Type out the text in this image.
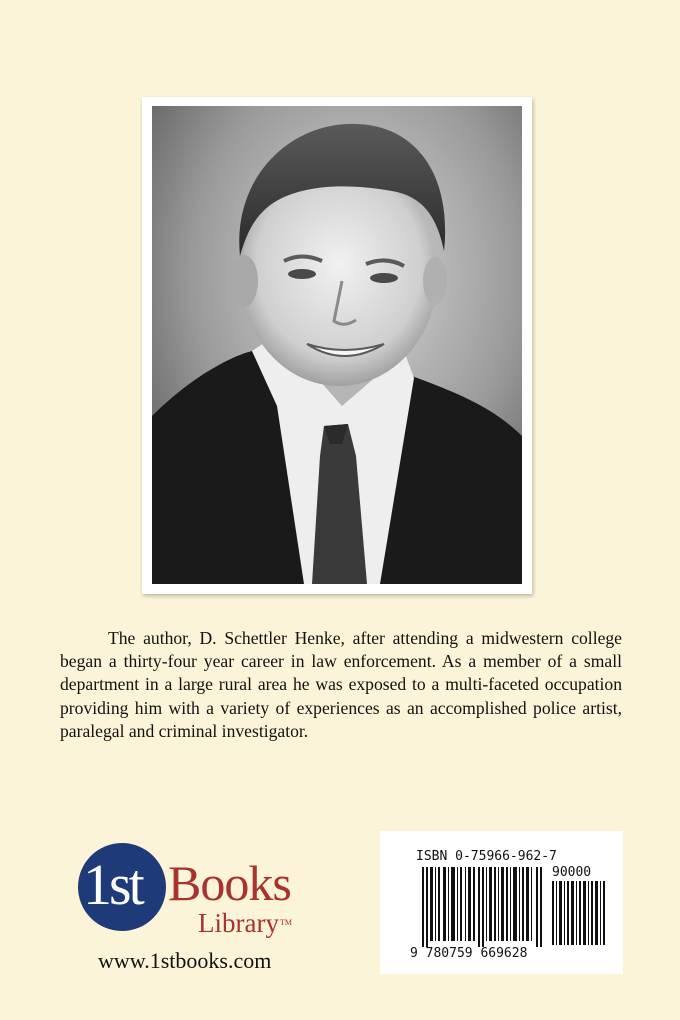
The author, D. Schettler Henke, after attending a midwestern college began a thirty-four year career in law enforcement. As a member of a small department in a large rural area he was exposed to a multi-faceted occupation providing him with a variety of experiences as an accomplished police artist, paralegal and criminal investigator.

1st Books
Library™
www.1stbooks.com
ISBN 0-75966-962-7
90000
9 780759 669628
